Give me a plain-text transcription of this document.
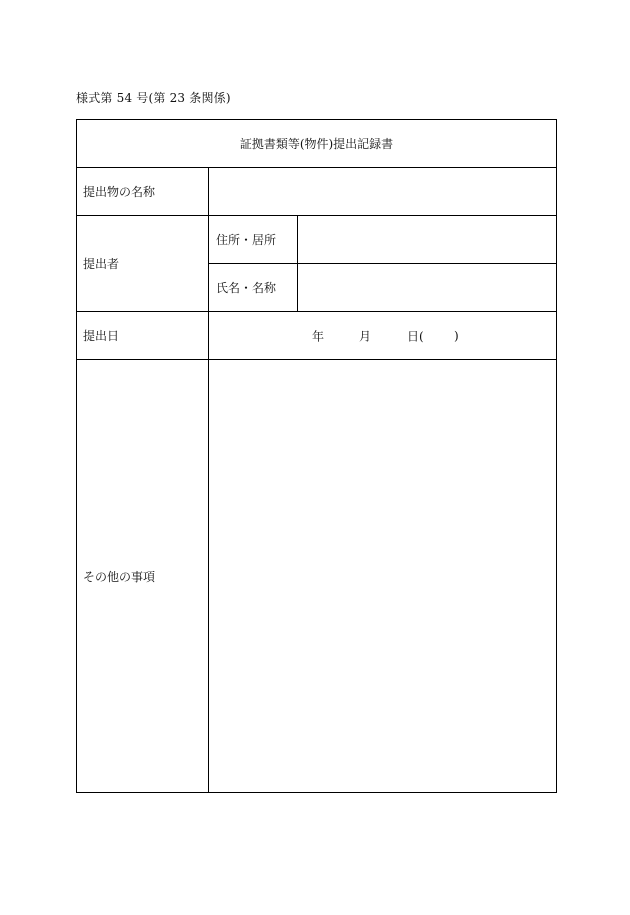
様式第 54 号(第 23 条関係)
証拠書類等(物件)提出記録書		
提出物の名称		
提出者	住所・居所	
	氏名・名称	
提出日	年 月 日( )	

その他の事項		
